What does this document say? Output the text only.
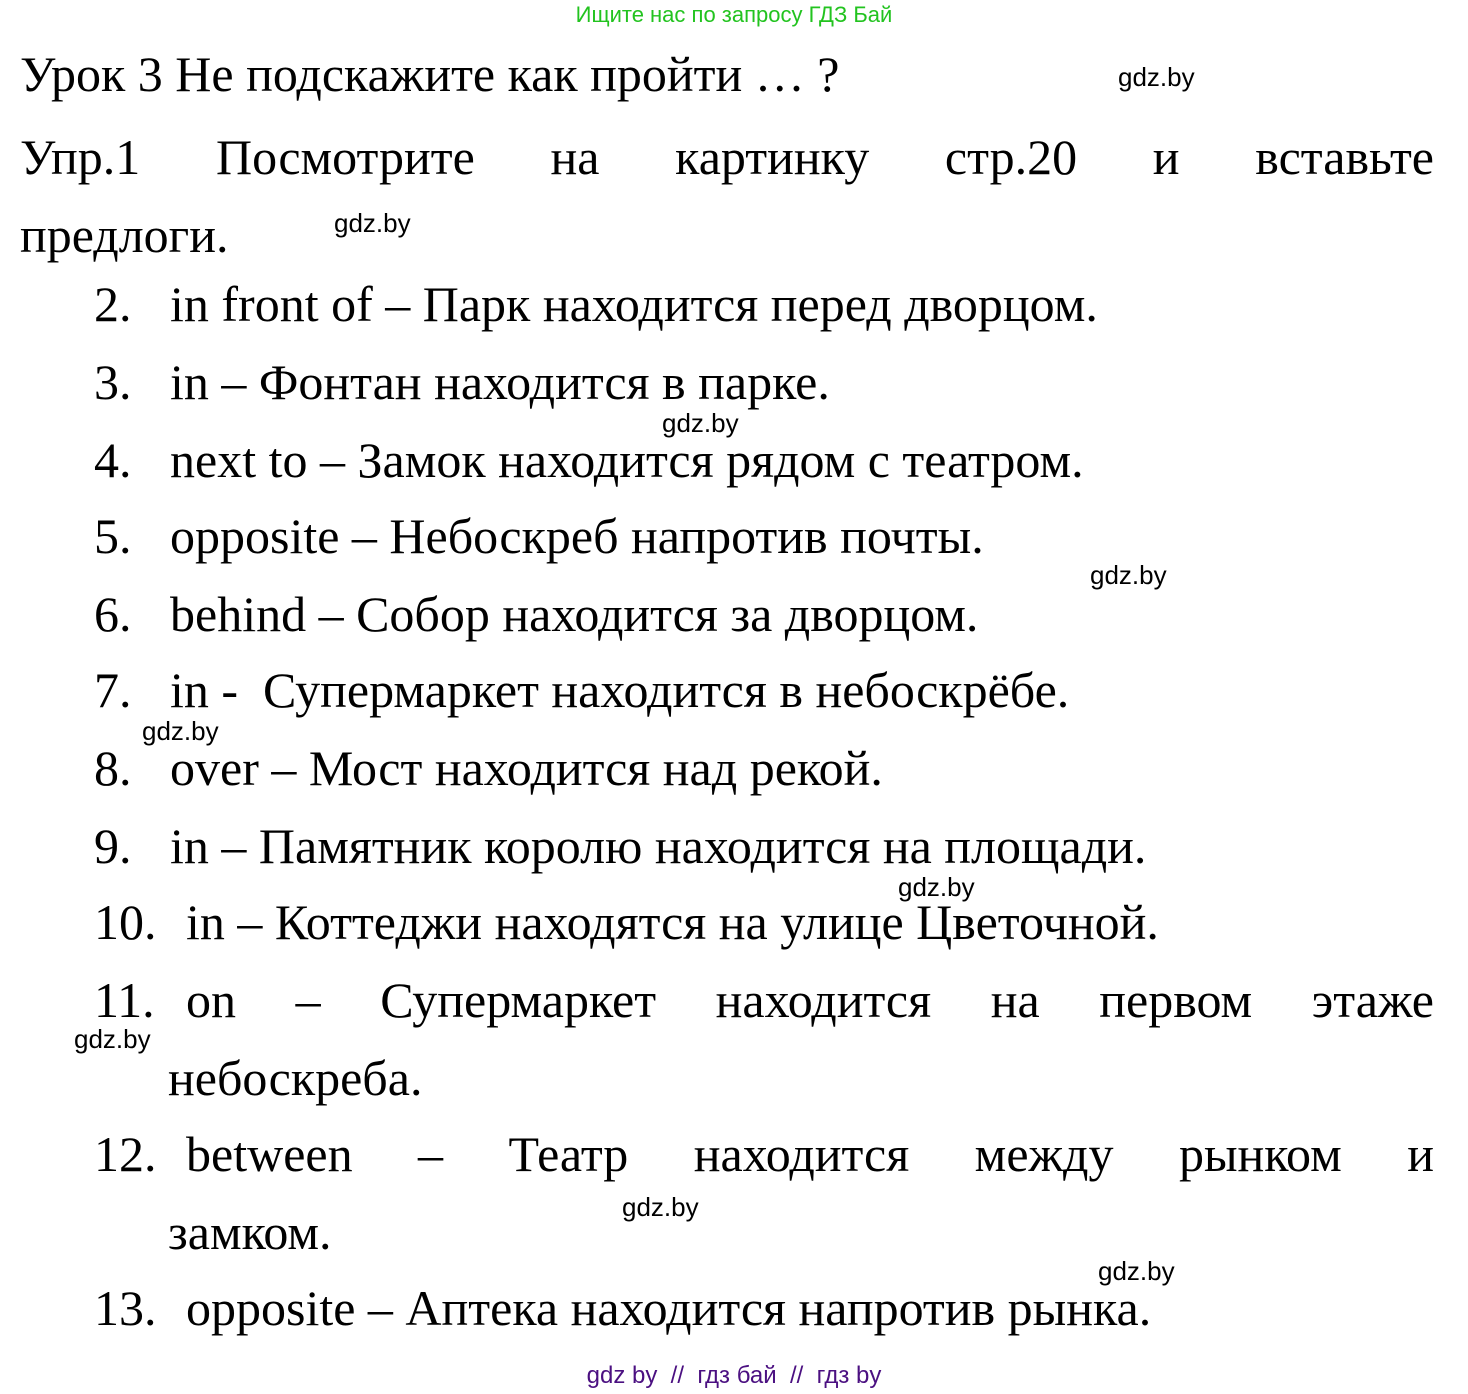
Ищите нас по запросу ГДЗ Бай
Урок 3 Не подскажите как пройти … ?	gdz.by
Упр.1 Посмотрите на картинку стр.20 и вставьте
предлоги.	gdz.by
2. in front of – Парк находится перед дворцом.
3. in – Фонтан находится в парке.
gdz.by
4. next to – Замок находится рядом с театром.
5. opposite – Небоскреб напротив почты.
gdz.by
6. behind – Собор находится за дворцом.
7. in -  Супермаркет находится в небоскрёбе.
gdz.by
8. over – Мост находится над рекой.
9. in – Памятник королю находится на площади.
gdz.by
10. in – Коттеджи находятся на улице Цветочной.
11. on – Супермаркет находится на первом этаже
небоскреба.
gdz.by
12. between – Театр находится между рынком и
замком.	gdz.by
gdz.by
13. opposite – Аптека находится напротив рынка.
gdz by  //  гдз бай  //  гдз by
